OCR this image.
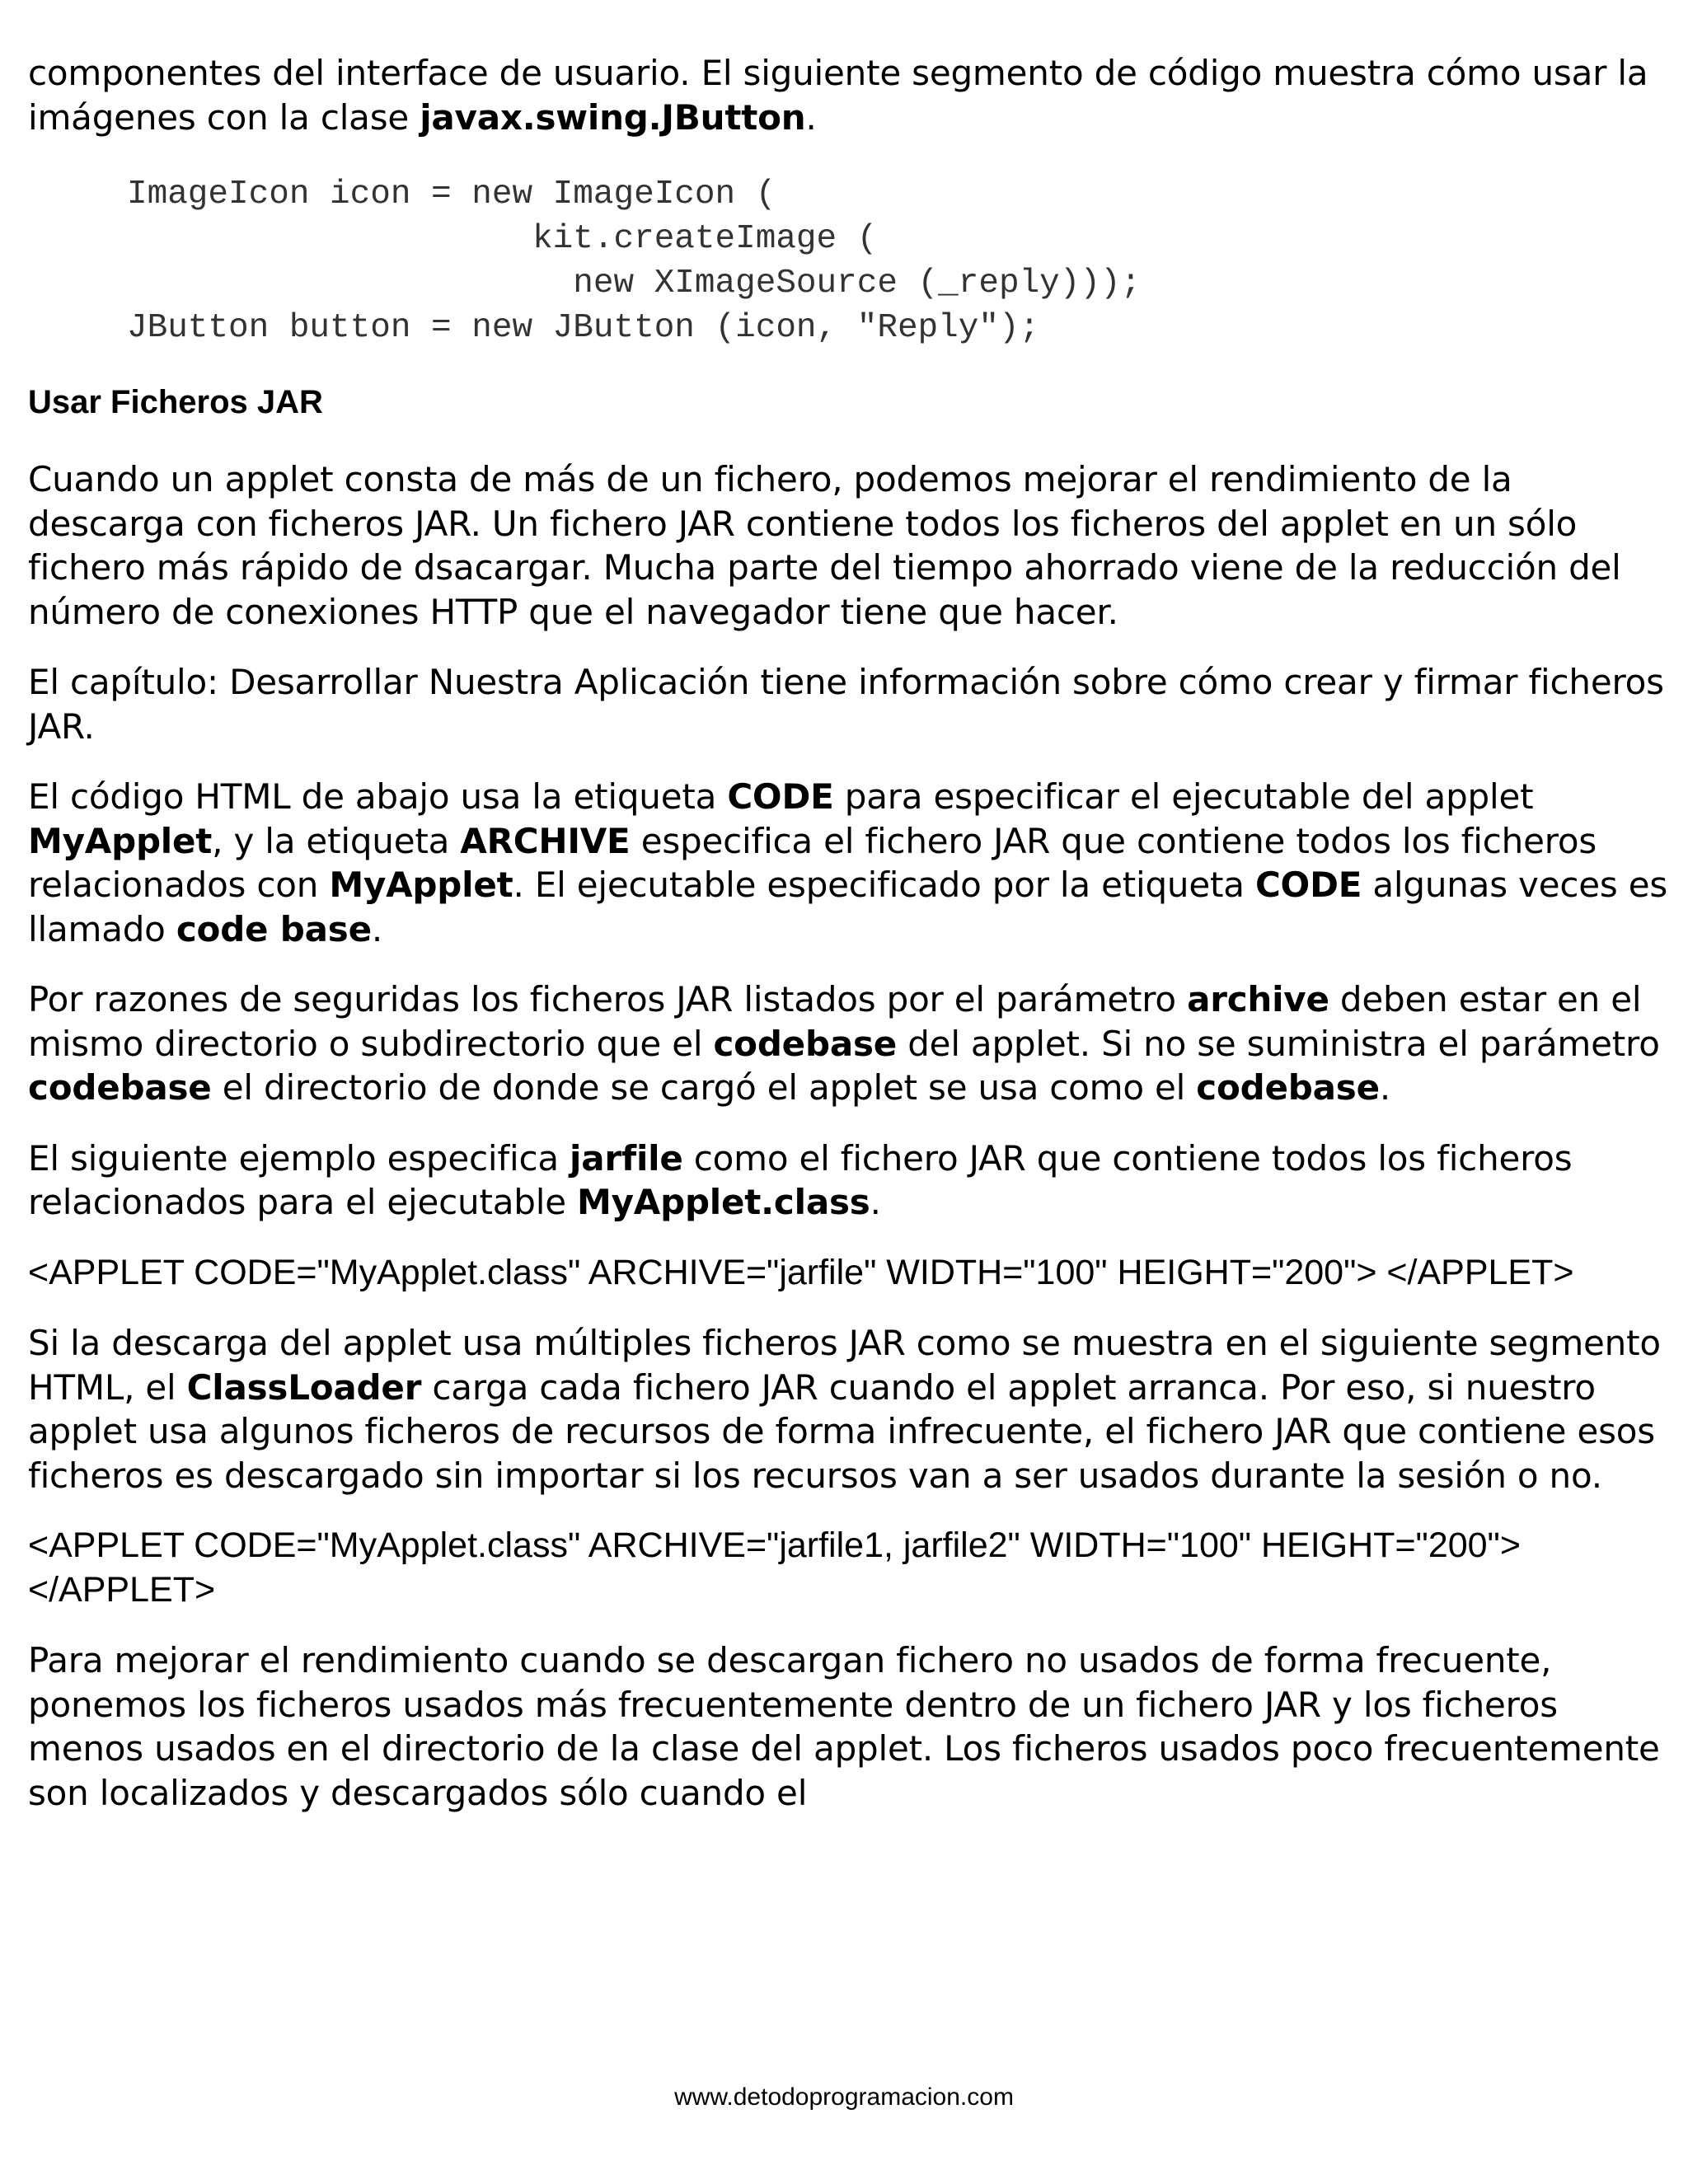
componentes del interface de usuario. El siguiente segmento de código muestra cómo usar la imágenes con la clase javax.swing.JButton.

ImageIcon icon = new ImageIcon (
kit.createImage (
new XImageSource (_reply)));
JButton button = new JButton (icon, "Reply");
Usar Ficheros JAR

Cuando un applet consta de más de un fichero, podemos mejorar el rendimiento de la descarga con ficheros JAR. Un fichero JAR contiene todos los ficheros del applet en un sólo fichero más rápido de dsacargar. Mucha parte del tiempo ahorrado viene de la reducción del número de conexiones HTTP que el navegador tiene que hacer.

El capítulo: Desarrollar Nuestra Aplicación tiene información sobre cómo crear y firmar ficheros JAR.

El código HTML de abajo usa la etiqueta CODE para especificar el ejecutable del applet MyApplet, y la etiqueta ARCHIVE especifica el fichero JAR que contiene todos los ficheros relacionados con MyApplet. El ejecutable especificado por la etiqueta CODE algunas veces es llamado code base.

Por razones de seguridas los ficheros JAR listados por el parámetro archive deben estar en el mismo directorio o subdirectorio que el codebase del applet. Si no se suministra el parámetro codebase el directorio de donde se cargó el applet se usa como el codebase.

El siguiente ejemplo especifica jarfile como el fichero JAR que contiene todos los ficheros relacionados para el ejecutable MyApplet.class.

<APPLET CODE="MyApplet.class" ARCHIVE="jarfile" WIDTH="100" HEIGHT="200"> </APPLET>

Si la descarga del applet usa múltiples ficheros JAR como se muestra en el siguiente segmento HTML, el ClassLoader carga cada fichero JAR cuando el applet arranca. Por eso, si nuestro applet usa algunos ficheros de recursos de forma infrecuente, el fichero JAR que contiene esos ficheros es descargado sin importar si los recursos van a ser usados durante la sesión o no.

<APPLET CODE="MyApplet.class" ARCHIVE="jarfile1, jarfile2" WIDTH="100" HEIGHT="200"> </APPLET>

Para mejorar el rendimiento cuando se descargan fichero no usados de forma frecuente, ponemos los ficheros usados más frecuentemente dentro de un fichero JAR y los ficheros menos usados en el directorio de la clase del applet. Los ficheros usados poco frecuentemente son localizados y descargados sólo cuando el

www.detodoprogramacion.com
